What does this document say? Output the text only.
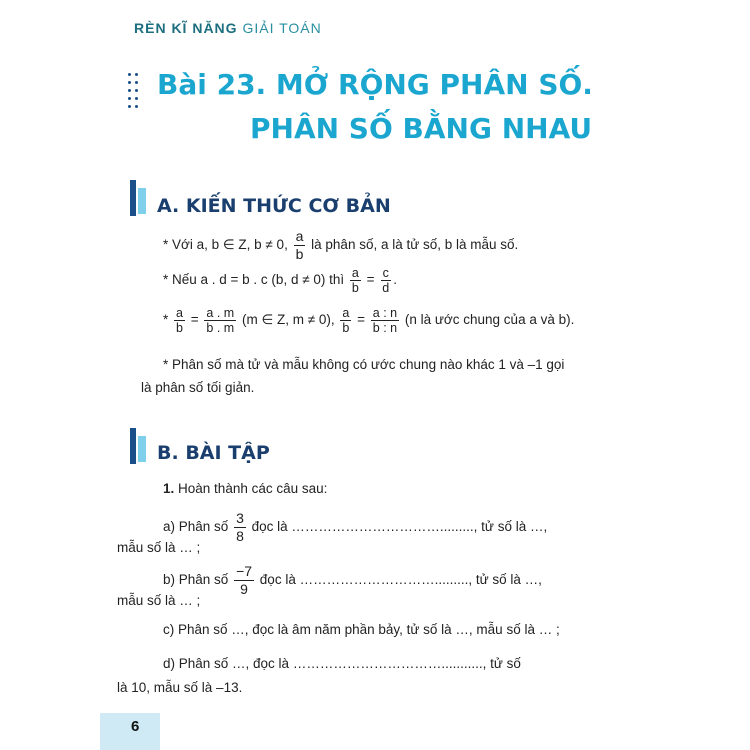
RÈN KĨ NĂNG GIẢI TOÁN
Bài 23. MỞ RỘNG PHÂN SỐ.
PHÂN SỐ BẰNG NHAU
A. KIẾN THỨC CƠ BẢN
* Với a, b ∈ Z, b ≠ 0, $\frac{a}{b}$ là phân số, a là tử số, b là mẫu số.
* Nếu a . d = b . c (b, d ≠ 0) thì $\frac{a}{b} = \frac{c}{d}$ .
* $\frac{a}{b} = \frac{a . m}{b . m} (m$ ∈ Z, m ≠ 0), $\frac{a}{b} = \frac{a : n}{b : n} (n$ là ước chung của a và b).
* Phân số mà tử và mẫu không có ước chung nào khác 1 và –1 gọi
là phân số tối giản.
B. BÀI TẬP
1. Hoàn thành các câu sau:
a) Phân số $\frac{3}{8}$ đọc là ……………………………........., tử số là …,
mẫu số là … ;
b) Phân số $\frac{-7}{9}$ đọc là …………………………........., tử số là …,
mẫu số là … ;
c) Phân số …, đọc là âm năm phần bảy, tử số là …, mẫu số là … ;
d) Phân số …, đọc là ……………………………..........., tử số
là 10, mẫu số là –13.
6
